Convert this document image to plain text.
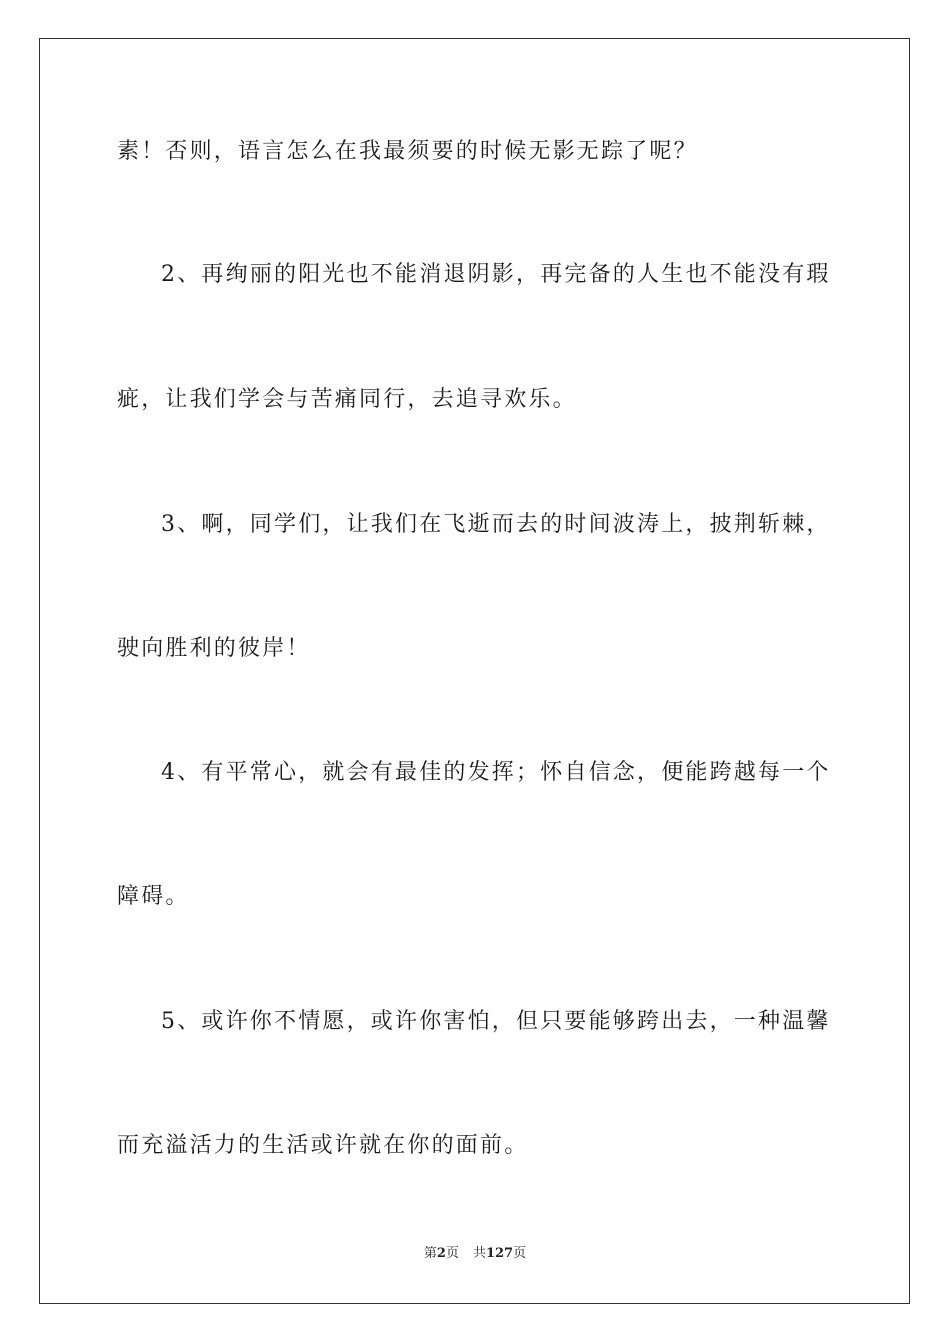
素！否则，语言怎么在我最须要的时候无影无踪了呢？
2、再绚丽的阳光也不能消退阴影，再完备的人生也不能没有瑕
疵，让我们学会与苦痛同行，去追寻欢乐。
3、啊，同学们，让我们在飞逝而去的时间波涛上，披荆斩棘，
驶向胜利的彼岸！
4、有平常心，就会有最佳的发挥；怀自信念，便能跨越每一个
障碍。
5、或许你不情愿，或许你害怕，但只要能够跨出去，一种温馨
而充溢活力的生活或许就在你的面前。
第2页 共127页
